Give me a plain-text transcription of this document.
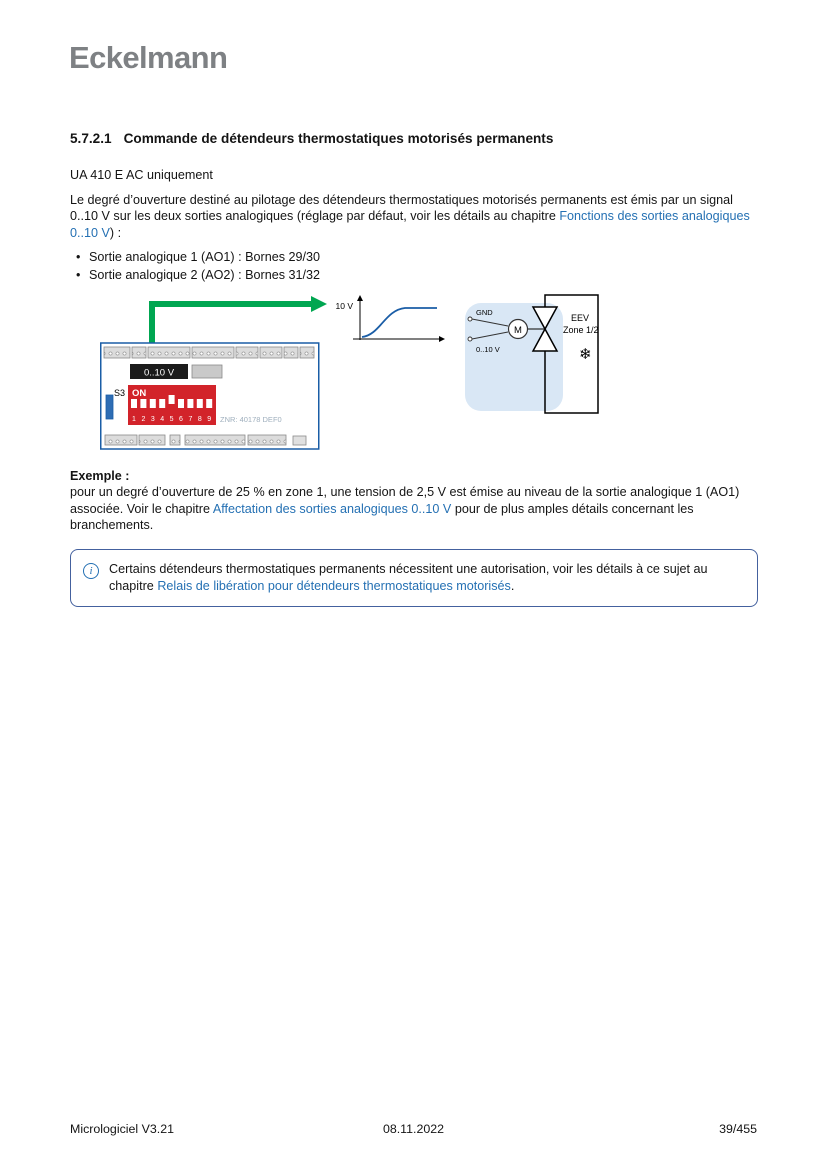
Eckelmann
5.7.2.1 Commande de détendeurs thermostatiques motorisés permanents

UA 410 E AC uniquement

Le degré d’ouverture destiné au pilotage des détendeurs thermostatiques motorisés permanents est émis par un signal 0..10 V sur les deux sorties analogiques (réglage par défaut, voir les détails au chapitre Fonctions des sorties analogiques 0..10 V) :

• Sortie analogique 1 (AO1) : Bornes 29/30
• Sortie analogique 2 (AO2) : Bornes 31/32
10 V
0..10 V
S3 ON
1 2 3 4 5 6 7 8 9 ZNR: 40178 DEF0
GND
0..10 V
M
EEV
Zone 1/2
❄

Exemple :

pour un degré d’ouverture de 25 % en zone 1, une tension de 2,5 V est émise au niveau de la sortie analogique 1 (AO1) associée. Voir le chapitre Affectation des sorties analogiques 0..10 V pour de plus amples détails concernant les branchements.

i	Certains détendeurs thermostatiques permanents nécessitent une autorisation, voir les détails à ce sujet au chapitre Relais de libération pour détendeurs thermostatiques motorisés.

Micrologiciel V3.21	08.11.2022	39/455
